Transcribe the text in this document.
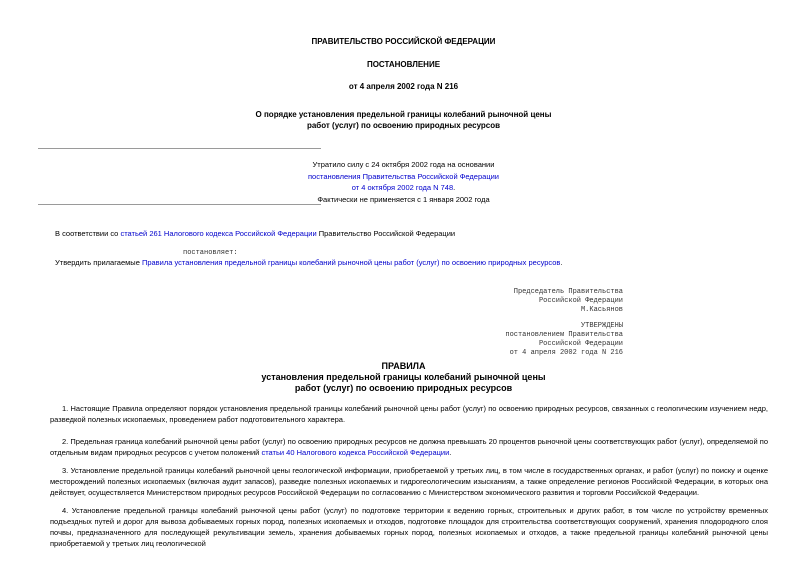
ПРАВИТЕЛЬСТВО РОССИЙСКОЙ ФЕДЕРАЦИИ
ПОСТАНОВЛЕНИЕ
от 4 апреля 2002 года N 216
О порядке установления предельной границы колебаний рыночной цены
работ (услуг) по освоению природных ресурсов
Утратило силу с 24 октября 2002 года на основании
постановления Правительства Российской Федерации
от 4 октября 2002 года N 748.
Фактически не применяется с 1 января 2002 года
В соответствии со статьей 261 Налогового кодекса Российской Федерации Правительство Российской Федерации
постановляет:
Утвердить прилагаемые Правила установления предельной границы колебаний рыночной цены работ (услуг) по освоению природных ресурсов.
Председатель Правительства
Российской Федерации
М.Касьянов
УТВЕРЖДЕНЫ
постановлением Правительства
Российской Федерации
от 4 апреля 2002 года N 216
ПРАВИЛА
установления предельной границы колебаний рыночной цены
работ (услуг) по освоению природных ресурсов
1. Настоящие Правила определяют порядок установления предельной границы колебаний рыночной цены работ (услуг) по освоению природных ресурсов, связанных с геологическим изучением недр, разведкой полезных ископаемых, проведением работ подготовительного характера.
2. Предельная граница колебаний рыночной цены работ (услуг) по освоению природных ресурсов не должна превышать 20 процентов рыночной цены соответствующих работ (услуг), определяемой по отдельным видам природных ресурсов с учетом положений статьи 40 Налогового кодекса Российской Федерации.
3. Установление предельной границы колебаний рыночной цены геологической информации, приобретаемой у третьих лиц, в том числе в государственных органах, и работ (услуг) по поиску и оценке месторождений полезных ископаемых (включая аудит запасов), разведке полезных ископаемых и гидрогеологическим изысканиям, а также определение регионов Российской Федерации, в которых она действует, осуществляется Министерством природных ресурсов Российской Федерации по согласованию с Министерством экономического развития и торговли Российской Федерации.
4. Установление предельной границы колебаний рыночной цены работ (услуг) по подготовке территории к ведению горных, строительных и других работ, в том числе по устройству временных подъездных путей и дорог для вывоза добываемых горных пород, полезных ископаемых и отходов, подготовке площадок для строительства соответствующих сооружений, хранения плодородного слоя почвы, предназначенного для последующей рекультивации земель, хранения добываемых горных пород, полезных ископаемых и отходов, а также предельной границы колебаний рыночной цены приобретаемой у третьих лиц геологической
